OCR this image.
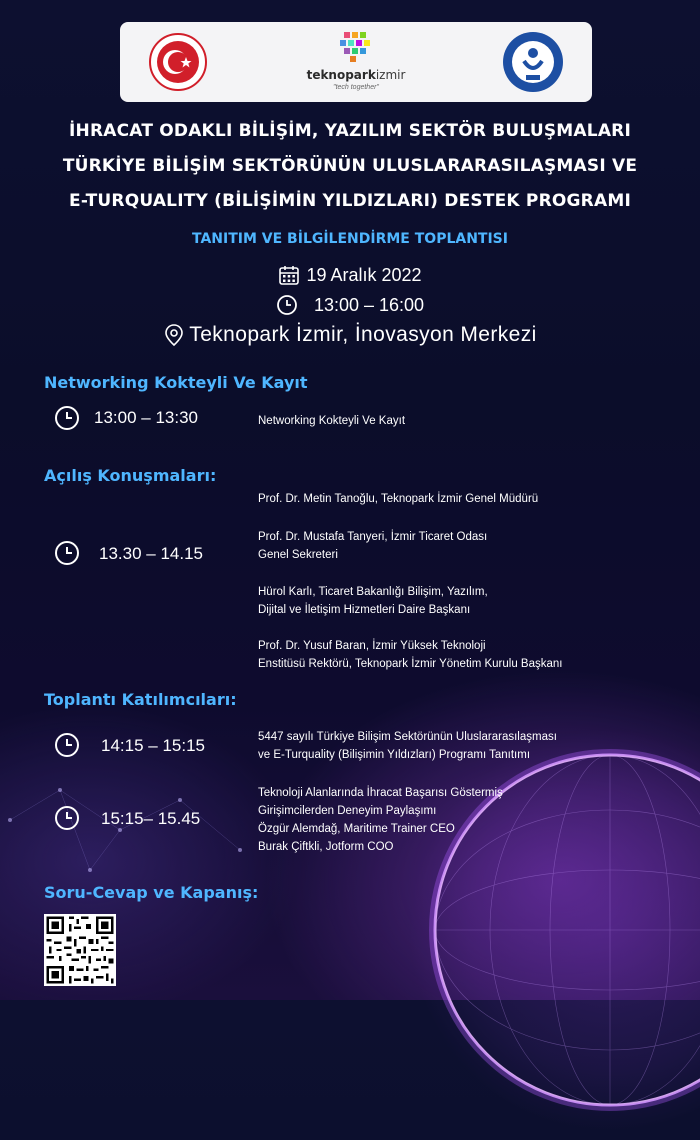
teknoparkizmir
"tech together"
İHRACAT ODAKLI BİLİŞİM, YAZILIM SEKTÖR BULUŞMALARI
TÜRKİYE BİLİŞİM SEKTÖRÜNÜN ULUSLARARASILAŞMASI VE
E-TURQUALITY (BİLİŞİMİN YILDIZLARI) DESTEK PROGRAMI
TANITIM VE BİLGİLENDİRME TOPLANTISI
19 Aralık 2022
13:00 – 16:00
Teknopark İzmir, İnovasyon Merkezi
Networking Kokteyli Ve Kayıt
13:00 – 13:30	Networking Kokteyli Ve Kayıt
Açılış Konuşmaları:
Prof. Dr. Metin Tanoğlu, Teknopark İzmir Genel Müdürü
Prof. Dr. Mustafa Tanyeri, İzmir Ticaret Odası
Genel Sekreteri
13.30 – 14.15
Hürol Karlı, Ticaret Bakanlığı Bilişim, Yazılım,
Dijital ve İletişim Hizmetleri Daire Başkanı
Prof. Dr. Yusuf Baran, İzmir Yüksek Teknoloji
Enstitüsü Rektörü, Teknopark İzmir Yönetim Kurulu Başkanı
Toplantı Katılımcıları:
14:15 – 15:15	5447 sayılı Türkiye Bilişim Sektörünün Uluslararasılaşması
ve E-Turquality (Bilişimin Yıldızları) Programı Tanıtımı
15:15– 15.45
Teknoloji Alanlarında İhracat Başarısı Göstermiş
Girişimcilerden Deneyim Paylaşımı
Özgür Alemdağ, Maritime Trainer CEO
Burak Çiftkli, Jotform COO
Soru-Cevap ve Kapanış:
